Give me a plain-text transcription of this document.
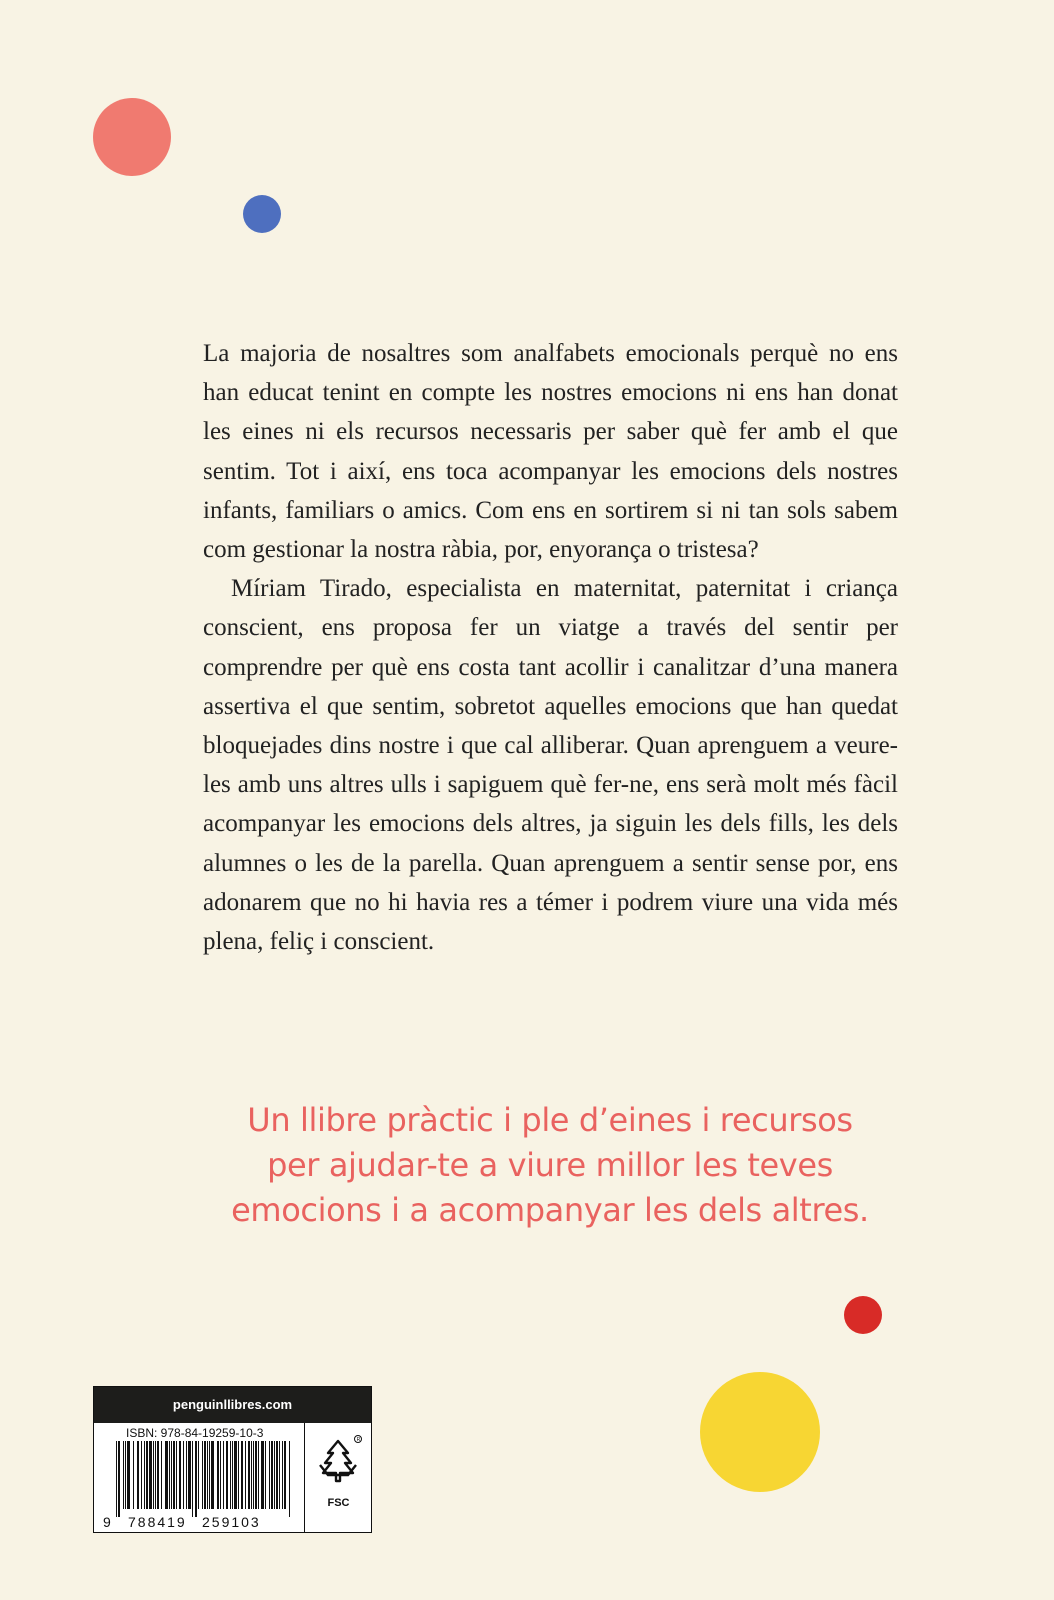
La majoria de nosaltres som analfabets emocionals perquè no ens han educat tenint en compte les nostres emocions ni ens han donat les eines ni els recursos necessaris per saber què fer amb el que sentim. Tot i així, ens toca acompanyar les emocions dels nostres infants, familiars o amics. Com ens en sortirem si ni tan sols sabem com gestionar la nostra ràbia, por, enyorança o tristesa?

Míriam Tirado, especialista en maternitat, paternitat i criança conscient, ens proposa fer un viatge a través del sentir per comprendre per què ens costa tant acollir i canalitzar d’una manera assertiva el que sentim, sobretot aquelles emocions que han quedat bloquejades dins nostre i que cal alliberar. Quan aprenguem a veure-les amb uns altres ulls i sapiguem què fer-ne, ens serà molt més fàcil acompanyar les emocions dels altres, ja siguin les dels fills, les dels alumnes o les de la parella. Quan aprenguem a sentir sense por, ens adonarem que no hi havia res a témer i podrem viure una vida més plena, feliç i conscient.

Un llibre pràctic i ple d’eines i recursos
per ajudar-te a viure millor les teves
emocions i a acompanyar les dels altres.
penguinllibres.com
ISBN: 978-84-19259-10-3
9 788419 259103
R
FSC
